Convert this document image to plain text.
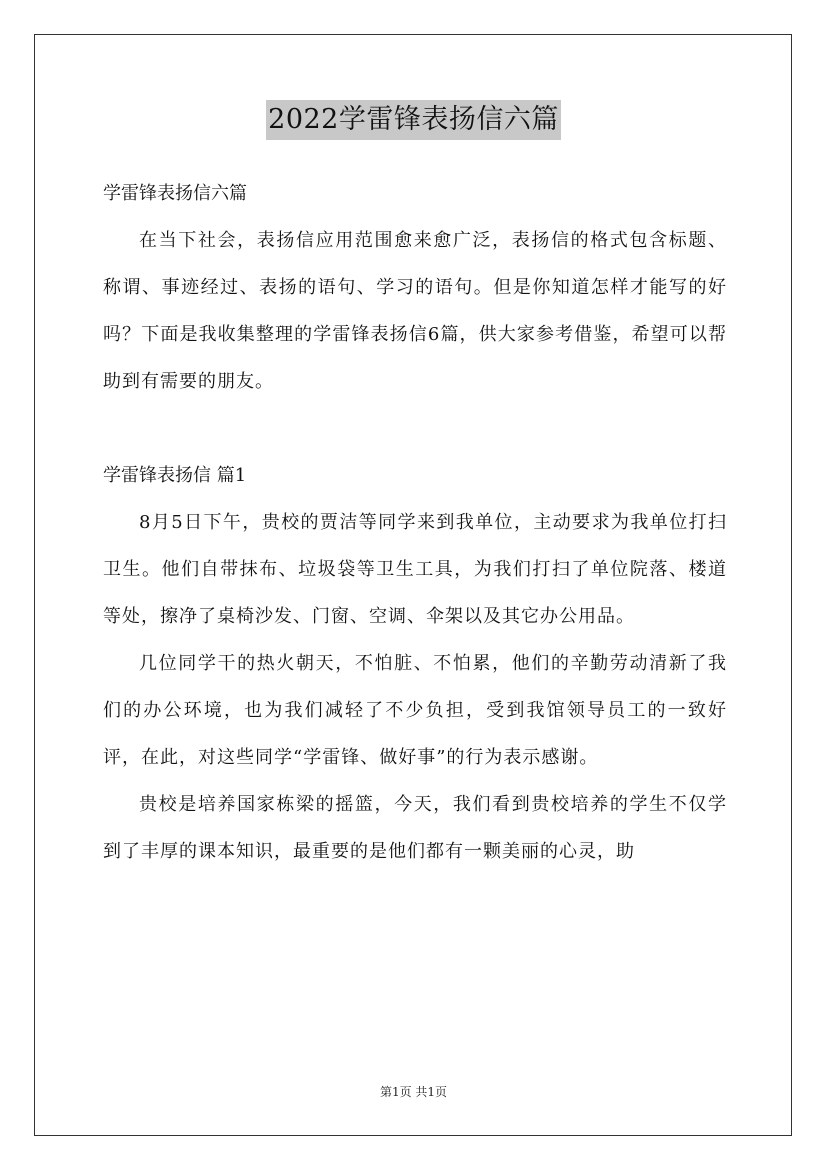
2022学雷锋表扬信六篇

学雷锋表扬信六篇

在当下社会，表扬信应用范围愈来愈广泛，表扬信的格式包含标题、称谓、事迹经过、表扬的语句、学习的语句。但是你知道怎样才能写的好吗？下面是我收集整理的学雷锋表扬信6篇，供大家参考借鉴，希望可以帮助到有需要的朋友。

学雷锋表扬信 篇1

8月5日下午，贵校的贾洁等同学来到我单位，主动要求为我单位打扫卫生。他们自带抹布、垃圾袋等卫生工具，为我们打扫了单位院落、楼道等处，擦净了桌椅沙发、门窗、空调、伞架以及其它办公用品。

几位同学干的热火朝天，不怕脏、不怕累，他们的辛勤劳动清新了我们的办公环境，也为我们减轻了不少负担，受到我馆领导员工的一致好评，在此，对这些同学“学雷锋、做好事”的行为表示感谢。

贵校是培养国家栋梁的摇篮，今天，我们看到贵校培养的学生不仅学到了丰厚的课本知识，最重要的是他们都有一颗美丽的心灵，助

第1页 共1页
